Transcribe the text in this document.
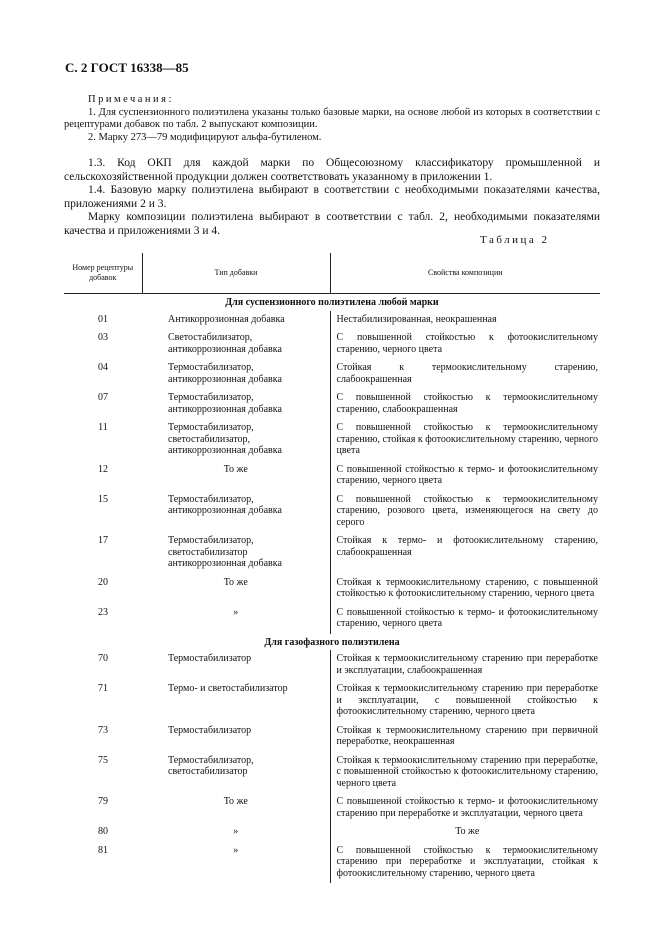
С. 2 ГОСТ 16338—85

Примечания:

1. Для суспензионного полиэтилена указаны только базовые марки, на основе любой из которых в соответствии с рецептурами добавок по табл. 2 выпускают композиции.

2. Марку 273—79 модифицируют альфа-бутиленом.

1.3. Код ОКП для каждой марки по Общесоюзному классификатору промышленной и сельскохозяйственной продукции должен соответствовать указанному в приложении 1.

1.4. Базовую марку полиэтилена выбирают в соответствии с необходимыми показателями качества, приложениями 2 и 3.

Марку композиции полиэтилена выбирают в соответствии с табл. 2, необходимыми показателями качества и приложениями 3 и 4.

Таблица 2
Номер рецептуры добавок	Тип добавки	Свойства композиции
Для суспензионного полиэтилена любой марки		
01	Антикоррозионная добавка	Нестабилизированная, неокрашенная
03	Светостабилизатор, антикоррозионная добавка	С повышенной стойкостью к фотоокислительному старению, черного цвета
04	Термостабилизатор, антикоррозионная добавка	Стойкая к термоокислительному старению, слабоокрашенная
07	Термостабилизатор, антикоррозионная добавка	С повышенной стойкостью к термоокислительному старению, слабоокрашенная
11	Термостабилизатор, светостабилизатор, антикоррозионная добавка	С повышенной стойкостью к термоокислительному старению, стойкая к фотоокислительному старению, черного цвета
12	То же	С повышенной стойкостью к термо- и фотоокислительному старению, черного цвета
15	Термостабилизатор, антикоррозионная добавка	С повышенной стойкостью к термоокислительному старению, розового цвета, изменяющегося на свету до серого
17	Термостабилизатор, светостабилизатор антикоррозионная добавка	Стойкая к термо- и фотоокислительному старению, слабоокрашенная
20	То же	Стойкая к термоокислительному старению, с повышенной стойкостью к фотоокислительному старению, черного цвета
23	»	С повышенной стойкостью к термо- и фотоокислительному старению, черного цвета
Для газофазного полиэтилена		
70	Термостабилизатор	Стойкая к термоокислительному старению при переработке и эксплуатации, слабоокрашенная
71	Термо- и светостабилизатор	Стойкая к термоокислительному старению при переработке и эксплуатации, с повышенной стойкостью к фотоокислительному старению, черного цвета
73	Термостабилизатор	Стойкая к термоокислительному старению при первичной переработке, неокрашенная
75	Термостабилизатор, светостабилизатор	Стойкая к термоокислительному старению при переработке, с повышенной стойкостью к фотоокислительному старению, черного цвета
79	То же	С повышенной стойкостью к термо- и фотоокислительному старению при переработке и эксплуатации, черного цвета
80	»	То же
81	»	С повышенной стойкостью к термоокислительному старению при переработке и эксплуатации, стойкая к фотоокислительному старению, черного цвета
